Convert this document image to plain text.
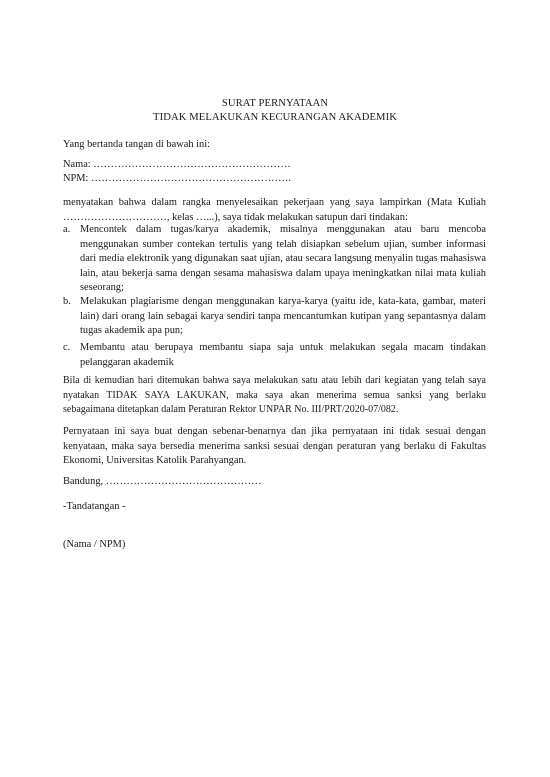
SURAT PERNYATAAN
TIDAK MELAKUKAN KECURANGAN AKADEMIK
Yang bertanda tangan di bawah ini:
Nama: …………………………………………………
NPM: ………………………………………………….
menyatakan bahwa dalam rangka menyelesaikan pekerjaan yang saya lampirkan (Mata Kuliah …………………………, kelas …...), saya tidak melakukan satupun dari tindakan:
a. Mencontek dalam tugas/karya akademik, misalnya menggunakan atau baru mencoba menggunakan sumber contekan tertulis yang telah disiapkan sebelum ujian, sumber informasi dari media elektronik yang digunakan saat ujian, atau secara langsung menyalin tugas mahasiswa lain, atau bekerja sama dengan sesama mahasiswa dalam upaya meningkatkan nilai mata kuliah seseorang;
b. Melakukan plagiarisme dengan menggunakan karya-karya (yaitu ide, kata-kata, gambar, materi lain) dari orang lain sebagai karya sendiri tanpa mencantumkan kutipan yang sepantasnya dalam tugas akademik apa pun;
c. Membantu atau berupaya membantu siapa saja untuk melakukan segala macam tindakan pelanggaran akademik
Bila di kemudian hari ditemukan bahwa saya melakukan satu atau lebih dari kegiatan yang telah saya nyatakan TIDAK SAYA LAKUKAN, maka saya akan menerima semua sanksi yang berlaku sebagaimana ditetapkan dalam Peraturan Rektor UNPAR No. III/PRT/2020-07/082.
Pernyataan ini saya buat dengan sebenar-benarnya dan jika pernyataan ini tidak sesuai dengan kenyataan, maka saya bersedia menerima sanksi sesuai dengan peraturan yang berlaku di Fakultas Ekonomi, Universitas Katolik Parahyangan.
Bandung, ………………………………………
-Tandatangan -
(Nama / NPM)
